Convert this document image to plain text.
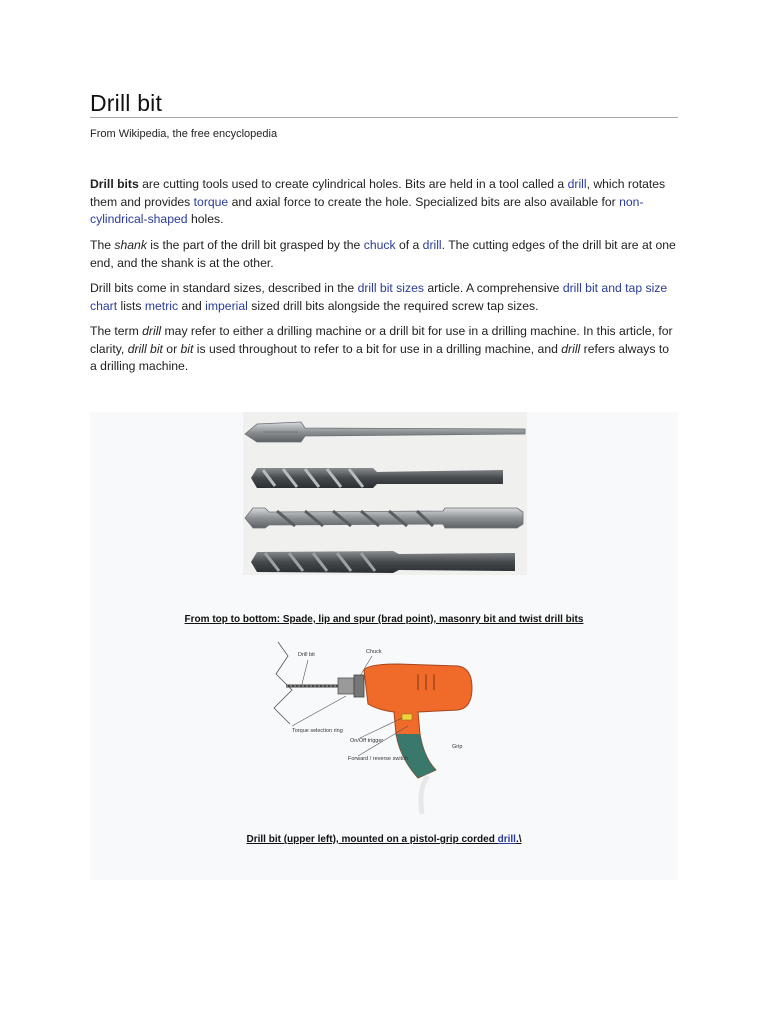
Drill bit
From Wikipedia, the free encyclopedia

Drill bits are cutting tools used to create cylindrical holes. Bits are held in a tool called a drill, which rotates them and provides torque and axial force to create the hole. Specialized bits are also available for non-cylindrical-shaped holes.

The shank is the part of the drill bit grasped by the chuck of a drill. The cutting edges of the drill bit are at one end, and the shank is at the other.

Drill bits come in standard sizes, described in the drill bit sizes article. A comprehensive drill bit and tap size chart lists metric and imperial sized drill bits alongside the required screw tap sizes.

The term drill may refer to either a drilling machine or a drill bit for use in a drilling machine. In this article, for clarity, drill bit or bit is used throughout to refer to a bit for use in a drilling machine, and drill refers always to a drilling machine.

From top to bottom: Spade, lip and spur (brad point), masonry bit and twist drill bits
Drill bit	Chuck
Torque selection ring
On/Off trigger
Forward / reverse switch
Grip
Drill bit (upper left), mounted on a pistol-grip corded drill.\
